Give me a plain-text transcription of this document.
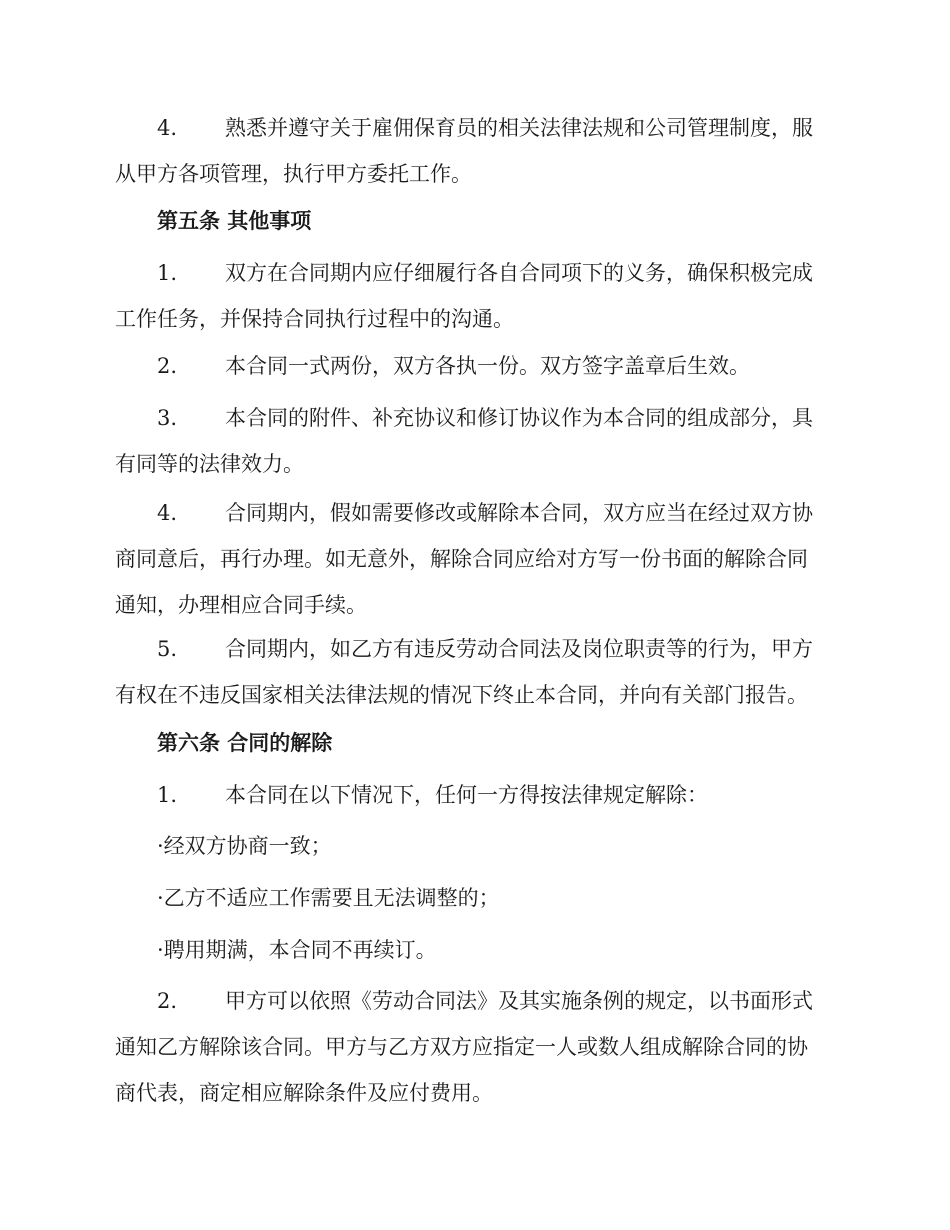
4.	熟悉并遵守关于雇佣保育员的相关法律法规和公司管理制度，服
从甲方各项管理，执行甲方委托工作。
第五条 其他事项
1.	双方在合同期内应仔细履行各自合同项下的义务，确保积极完成
工作任务，并保持合同执行过程中的沟通。
2.	本合同一式两份，双方各执一份。双方签字盖章后生效。
3.	本合同的附件、补充协议和修订协议作为本合同的组成部分，具
有同等的法律效力。
4.	合同期内，假如需要修改或解除本合同，双方应当在经过双方协
商同意后，再行办理。如无意外，解除合同应给对方写一份书面的解除合同
通知，办理相应合同手续。
5.	合同期内，如乙方有违反劳动合同法及岗位职责等的行为，甲方
有权在不违反国家相关法律法规的情况下终止本合同，并向有关部门报告。
第六条 合同的解除
1.	本合同在以下情况下，任何一方得按法律规定解除：
·经双方协商一致；
·乙方不适应工作需要且无法调整的；
·聘用期满，本合同不再续订。
2.	甲方可以依照《劳动合同法》及其实施条例的规定，以书面形式
通知乙方解除该合同。甲方与乙方双方应指定一人或数人组成解除合同的协
商代表，商定相应解除条件及应付费用。
